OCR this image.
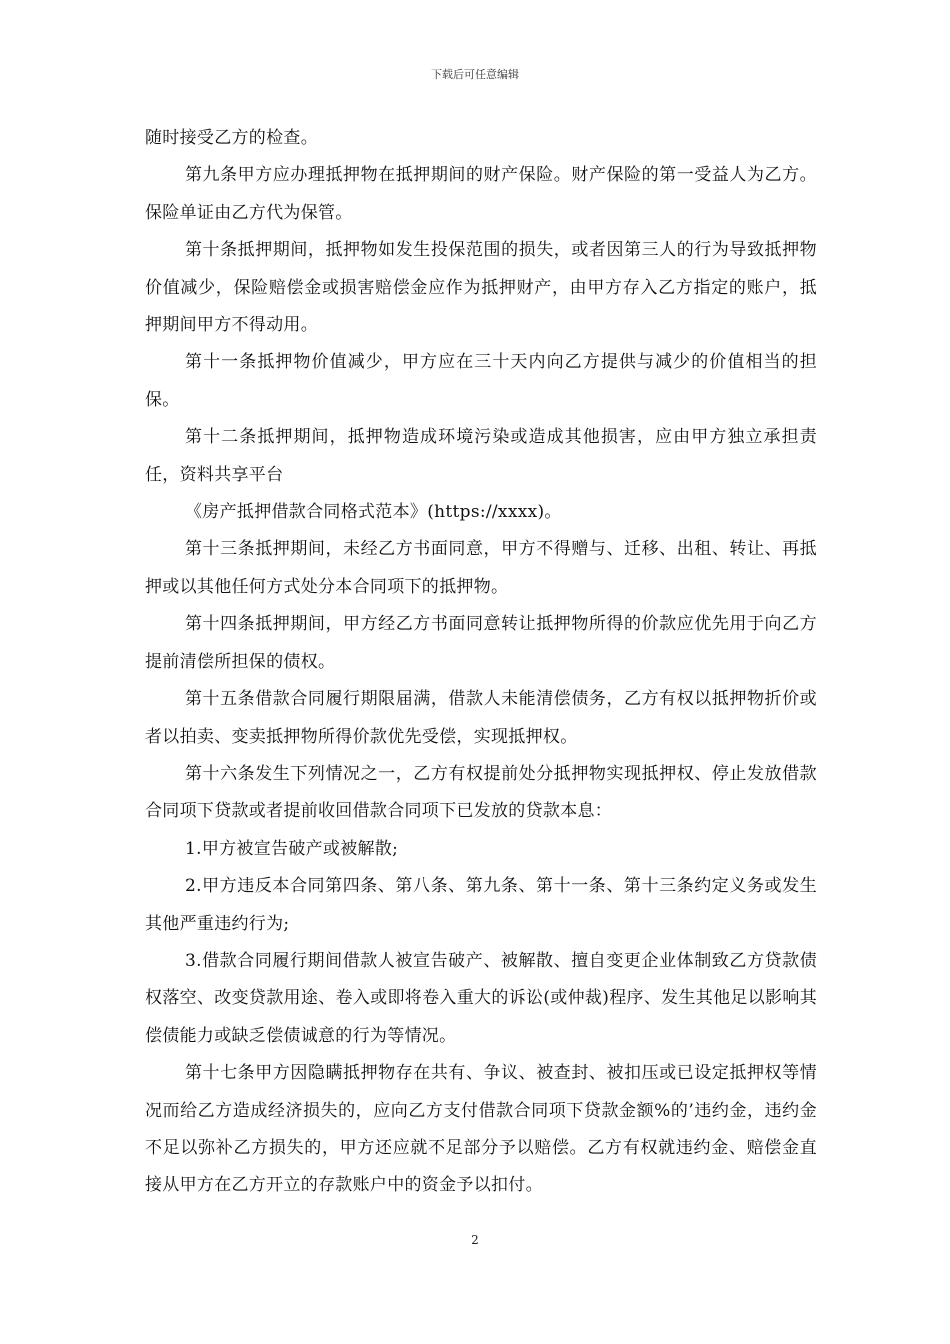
下载后可任意编辑

随时接受乙方的检查。

第九条甲方应办理抵押物在抵押期间的财产保险。财产保险的第一受益人为乙方。保险单证由乙方代为保管。

第十条抵押期间，抵押物如发生投保范围的损失，或者因第三人的行为导致抵押物价值减少，保险赔偿金或损害赔偿金应作为抵押财产，由甲方存入乙方指定的账户，抵押期间甲方不得动用。

第十一条抵押物价值减少，甲方应在三十天内向乙方提供与减少的价值相当的担保。

第十二条抵押期间，抵押物造成环境污染或造成其他损害，应由甲方独立承担责任，资料共享平台

《房产抵押借款合同格式范本》(https://xxxx)。

第十三条抵押期间，未经乙方书面同意，甲方不得赠与、迁移、出租、转让、再抵押或以其他任何方式处分本合同项下的抵押物。

第十四条抵押期间，甲方经乙方书面同意转让抵押物所得的价款应优先用于向乙方提前清偿所担保的债权。

第十五条借款合同履行期限届满，借款人未能清偿债务，乙方有权以抵押物折价或者以拍卖、变卖抵押物所得价款优先受偿，实现抵押权。

第十六条发生下列情况之一，乙方有权提前处分抵押物实现抵押权、停止发放借款合同项下贷款或者提前收回借款合同项下已发放的贷款本息：

1.甲方被宣告破产或被解散;

2.甲方违反本合同第四条、第八条、第九条、第十一条、第十三条约定义务或发生其他严重违约行为;

3.借款合同履行期间借款人被宣告破产、被解散、擅自变更企业体制致乙方贷款债权落空、改变贷款用途、卷入或即将卷入重大的诉讼(或仲裁)程序、发生其他足以影响其偿债能力或缺乏偿债诚意的行为等情况。

第十七条甲方因隐瞒抵押物存在共有、争议、被查封、被扣压或已设定抵押权等情况而给乙方造成经济损失的，应向乙方支付借款合同项下贷款金额%的’违约金，违约金不足以弥补乙方损失的，甲方还应就不足部分予以赔偿。乙方有权就违约金、赔偿金直接从甲方在乙方开立的存款账户中的资金予以扣付。

2
